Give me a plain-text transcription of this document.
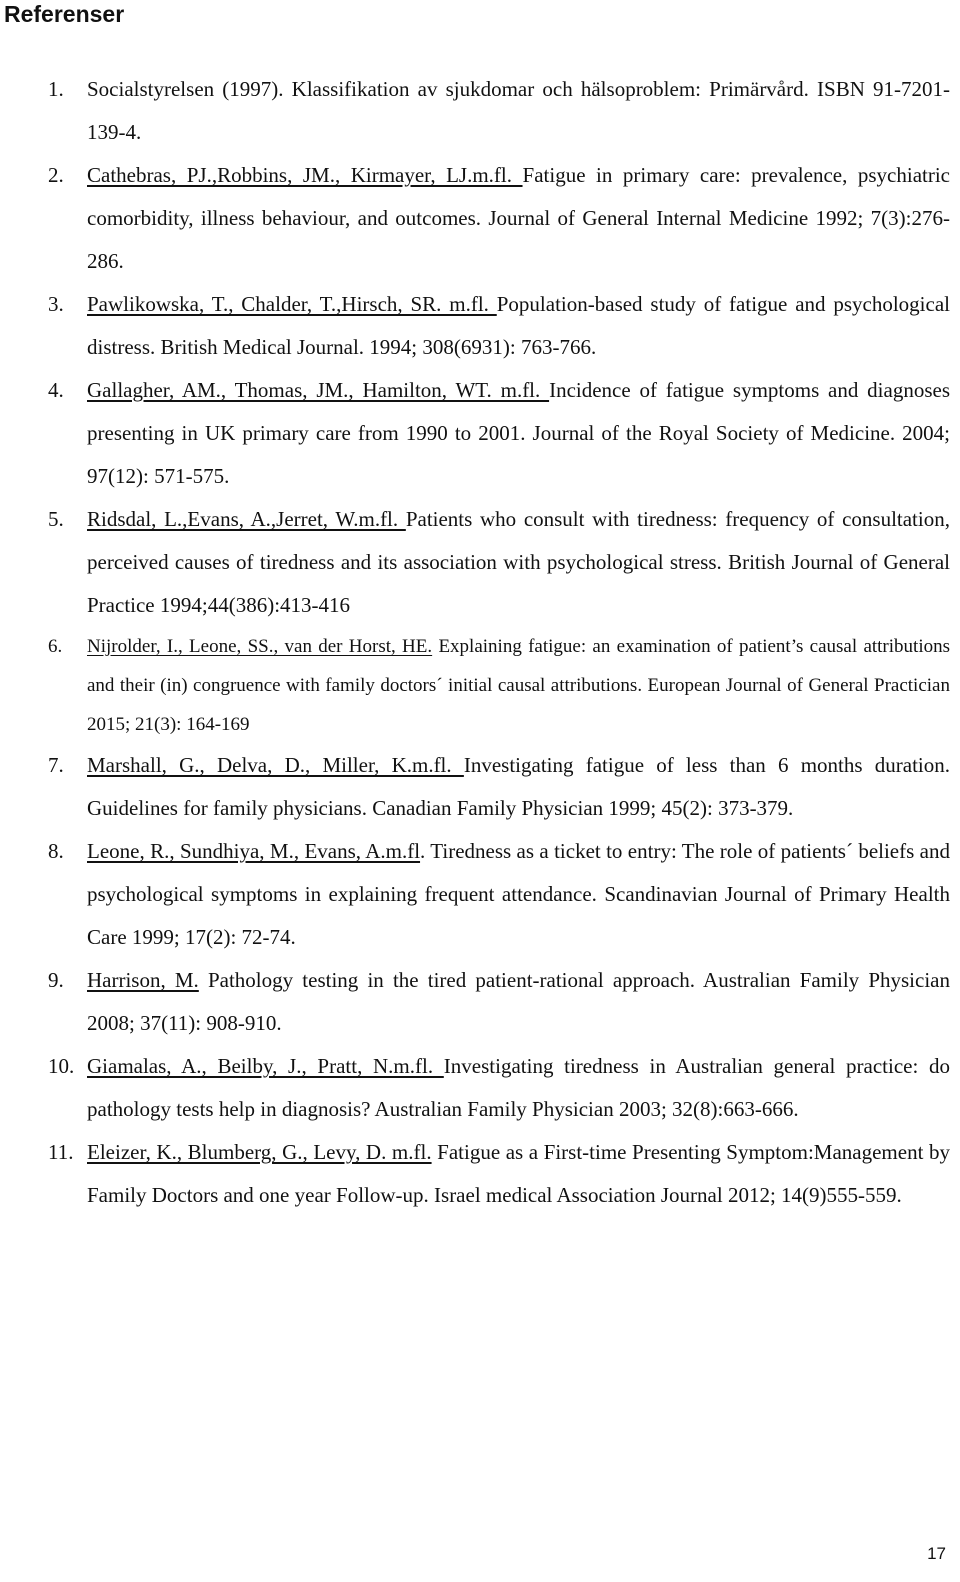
Referenser
1. Socialstyrelsen (1997). Klassifikation av sjukdomar och hälsoproblem: Primärvård. ISBN 91-7201-139-4.
2. Cathebras, PJ.,Robbins, JM., Kirmayer, LJ.m.fl. Fatigue in primary care: prevalence, psychiatric comorbidity, illness behaviour, and outcomes. Journal of General Internal Medicine 1992; 7(3):276-286.
3. Pawlikowska, T., Chalder, T.,Hirsch, SR. m.fl. Population-based study of fatigue and psychological distress. British Medical Journal. 1994; 308(6931): 763-766.
4. Gallagher, AM., Thomas, JM., Hamilton, WT. m.fl. Incidence of fatigue symptoms and diagnoses presenting in UK primary care from 1990 to 2001. Journal of the Royal Society of Medicine. 2004; 97(12): 571-575.
5. Ridsdal, L.,Evans, A.,Jerret, W.m.fl. Patients who consult with tiredness: frequency of consultation, perceived causes of tiredness and its association with psychological stress. British Journal of General Practice 1994;44(386):413-416
6. Nijrolder, I., Leone, SS., van der Horst, HE. Explaining fatigue: an examination of patient’s causal attributions and their (in) congruence with family doctors´ initial causal attributions. European Journal of General Practician 2015; 21(3): 164-169
7. Marshall, G., Delva, D., Miller, K.m.fl. Investigating fatigue of less than 6 months duration. Guidelines for family physicians. Canadian Family Physician 1999; 45(2): 373-379.
8. Leone, R., Sundhiya, M., Evans, A.m.fl. Tiredness as a ticket to entry: The role of patients´ beliefs and psychological symptoms in explaining frequent attendance. Scandinavian Journal of Primary Health Care 1999; 17(2): 72-74.
9. Harrison, M. Pathology testing in the tired patient-rational approach. Australian Family Physician 2008; 37(11): 908-910.
10. Giamalas, A., Beilby, J., Pratt, N.m.fl. Investigating tiredness in Australian general practice: do pathology tests help in diagnosis? Australian Family Physician 2003; 32(8):663-666.
11. Eleizer, K., Blumberg, G., Levy, D. m.fl. Fatigue as a First-time Presenting Symptom:Management by Family Doctors and one year Follow-up. Israel medical Association Journal 2012; 14(9)555-559.
17
